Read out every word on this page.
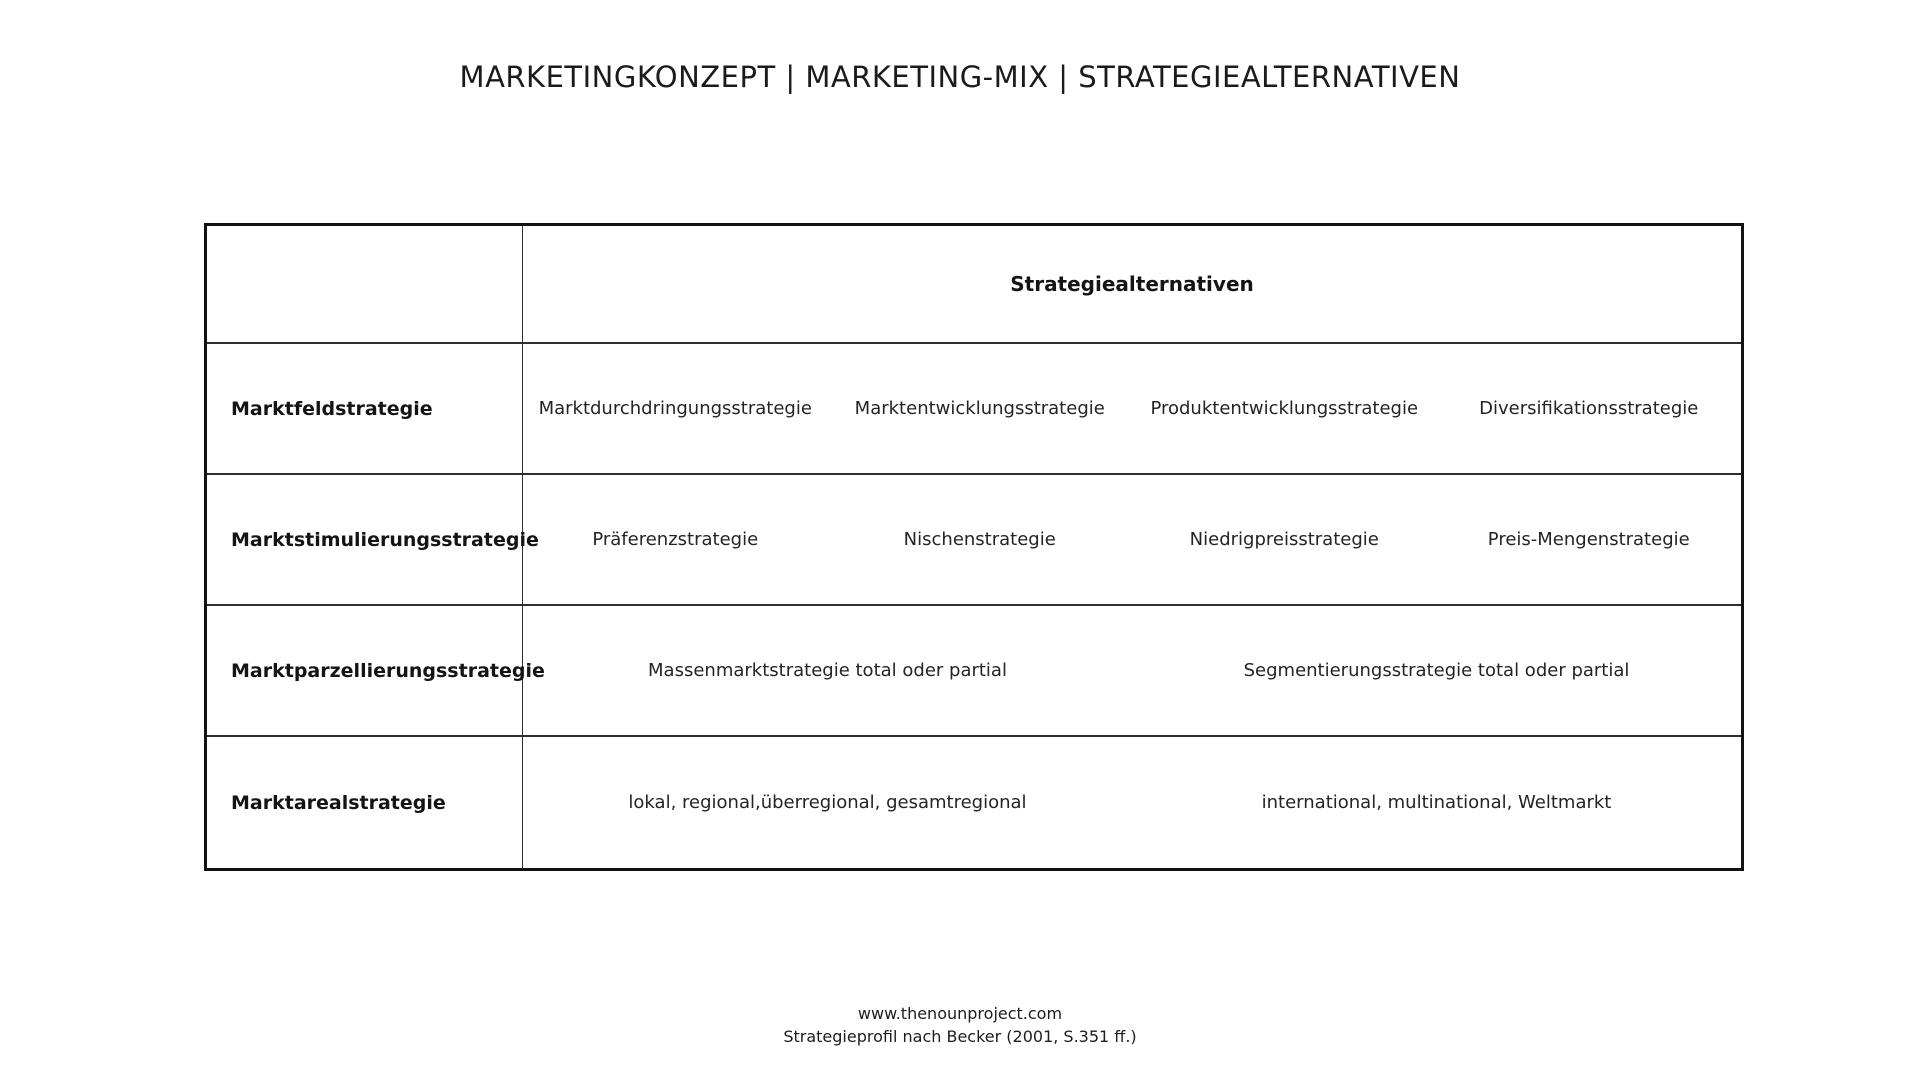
MARKETINGKONZEPT | MARKETING-MIX | STRATEGIEALTERNATIVEN
Strategiealternativen
Marktfeldstrategie	Marktdurchdringungsstrategie	Marktentwicklungsstrategie	Produktentwicklungsstrategie	Diversifikationsstrategie
Marktstimulierungsstrategie	Präferenzstrategie	Nischenstrategie	Niedrigpreisstrategie	Preis-Mengenstrategie
Marktparzellierungsstrategie	Massenmarktstrategie total oder partial	Segmentierungsstrategie total oder partial
Marktarealstrategie	lokal, regional,überregional, gesamtregional	international, multinational, Weltmarkt
www.thenounproject.com
Strategieprofil nach Becker (2001, S.351 ff.)
